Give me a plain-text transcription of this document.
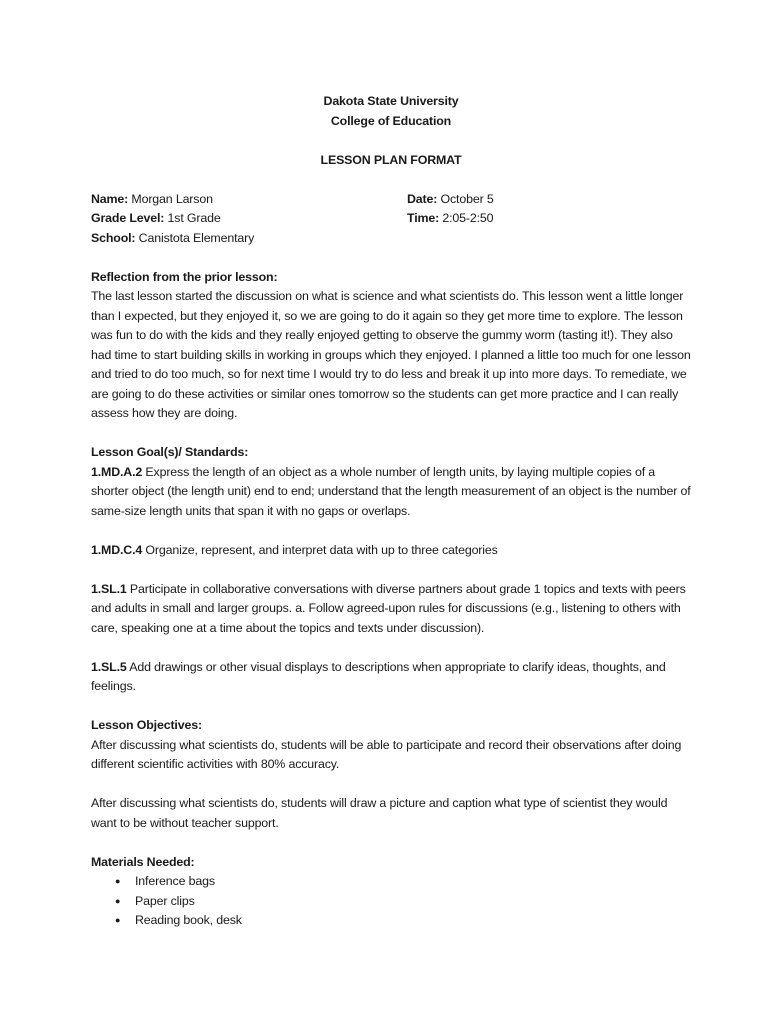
Dakota State University
College of Education
LESSON PLAN FORMAT
Name: Morgan Larson	Date: October 5
Grade Level: 1st Grade	Time: 2:05-2:50
School: Canistota Elementary
Reflection from the prior lesson:

The last lesson started the discussion on what is science and what scientists do. This lesson went a little longer than I expected, but they enjoyed it, so we are going to do it again so they get more time to explore. The lesson was fun to do with the kids and they really enjoyed getting to observe the gummy worm (tasting it!). They also had time to start building skills in working in groups which they enjoyed. I planned a little too much for one lesson and tried to do too much, so for next time I would try to do less and break it up into more days. To remediate, we are going to do these activities or similar ones tomorrow so the students can get more practice and I can really assess how they are doing.

Lesson Goal(s)/ Standards:

1.MD.A.2 Express the length of an object as a whole number of length units, by laying multiple copies of a shorter object (the length unit) end to end; understand that the length measurement of an object is the number of same-size length units that span it with no gaps or overlaps.

1.MD.C.4 Organize, represent, and interpret data with up to three categories

1.SL.1 Participate in collaborative conversations with diverse partners about grade 1 topics and texts with peers and adults in small and larger groups. a. Follow agreed-upon rules for discussions (e.g., listening to others with care, speaking one at a time about the topics and texts under discussion).

1.SL.5 Add drawings or other visual displays to descriptions when appropriate to clarify ideas, thoughts, and feelings.

Lesson Objectives:

After discussing what scientists do, students will be able to participate and record their observations after doing different scientific activities with 80% accuracy.

After discussing what scientists do, students will draw a picture and caption what type of scientist they would want to be without teacher support.

Materials Needed:
● Inference bags
● Paper clips
● Reading book, desk
